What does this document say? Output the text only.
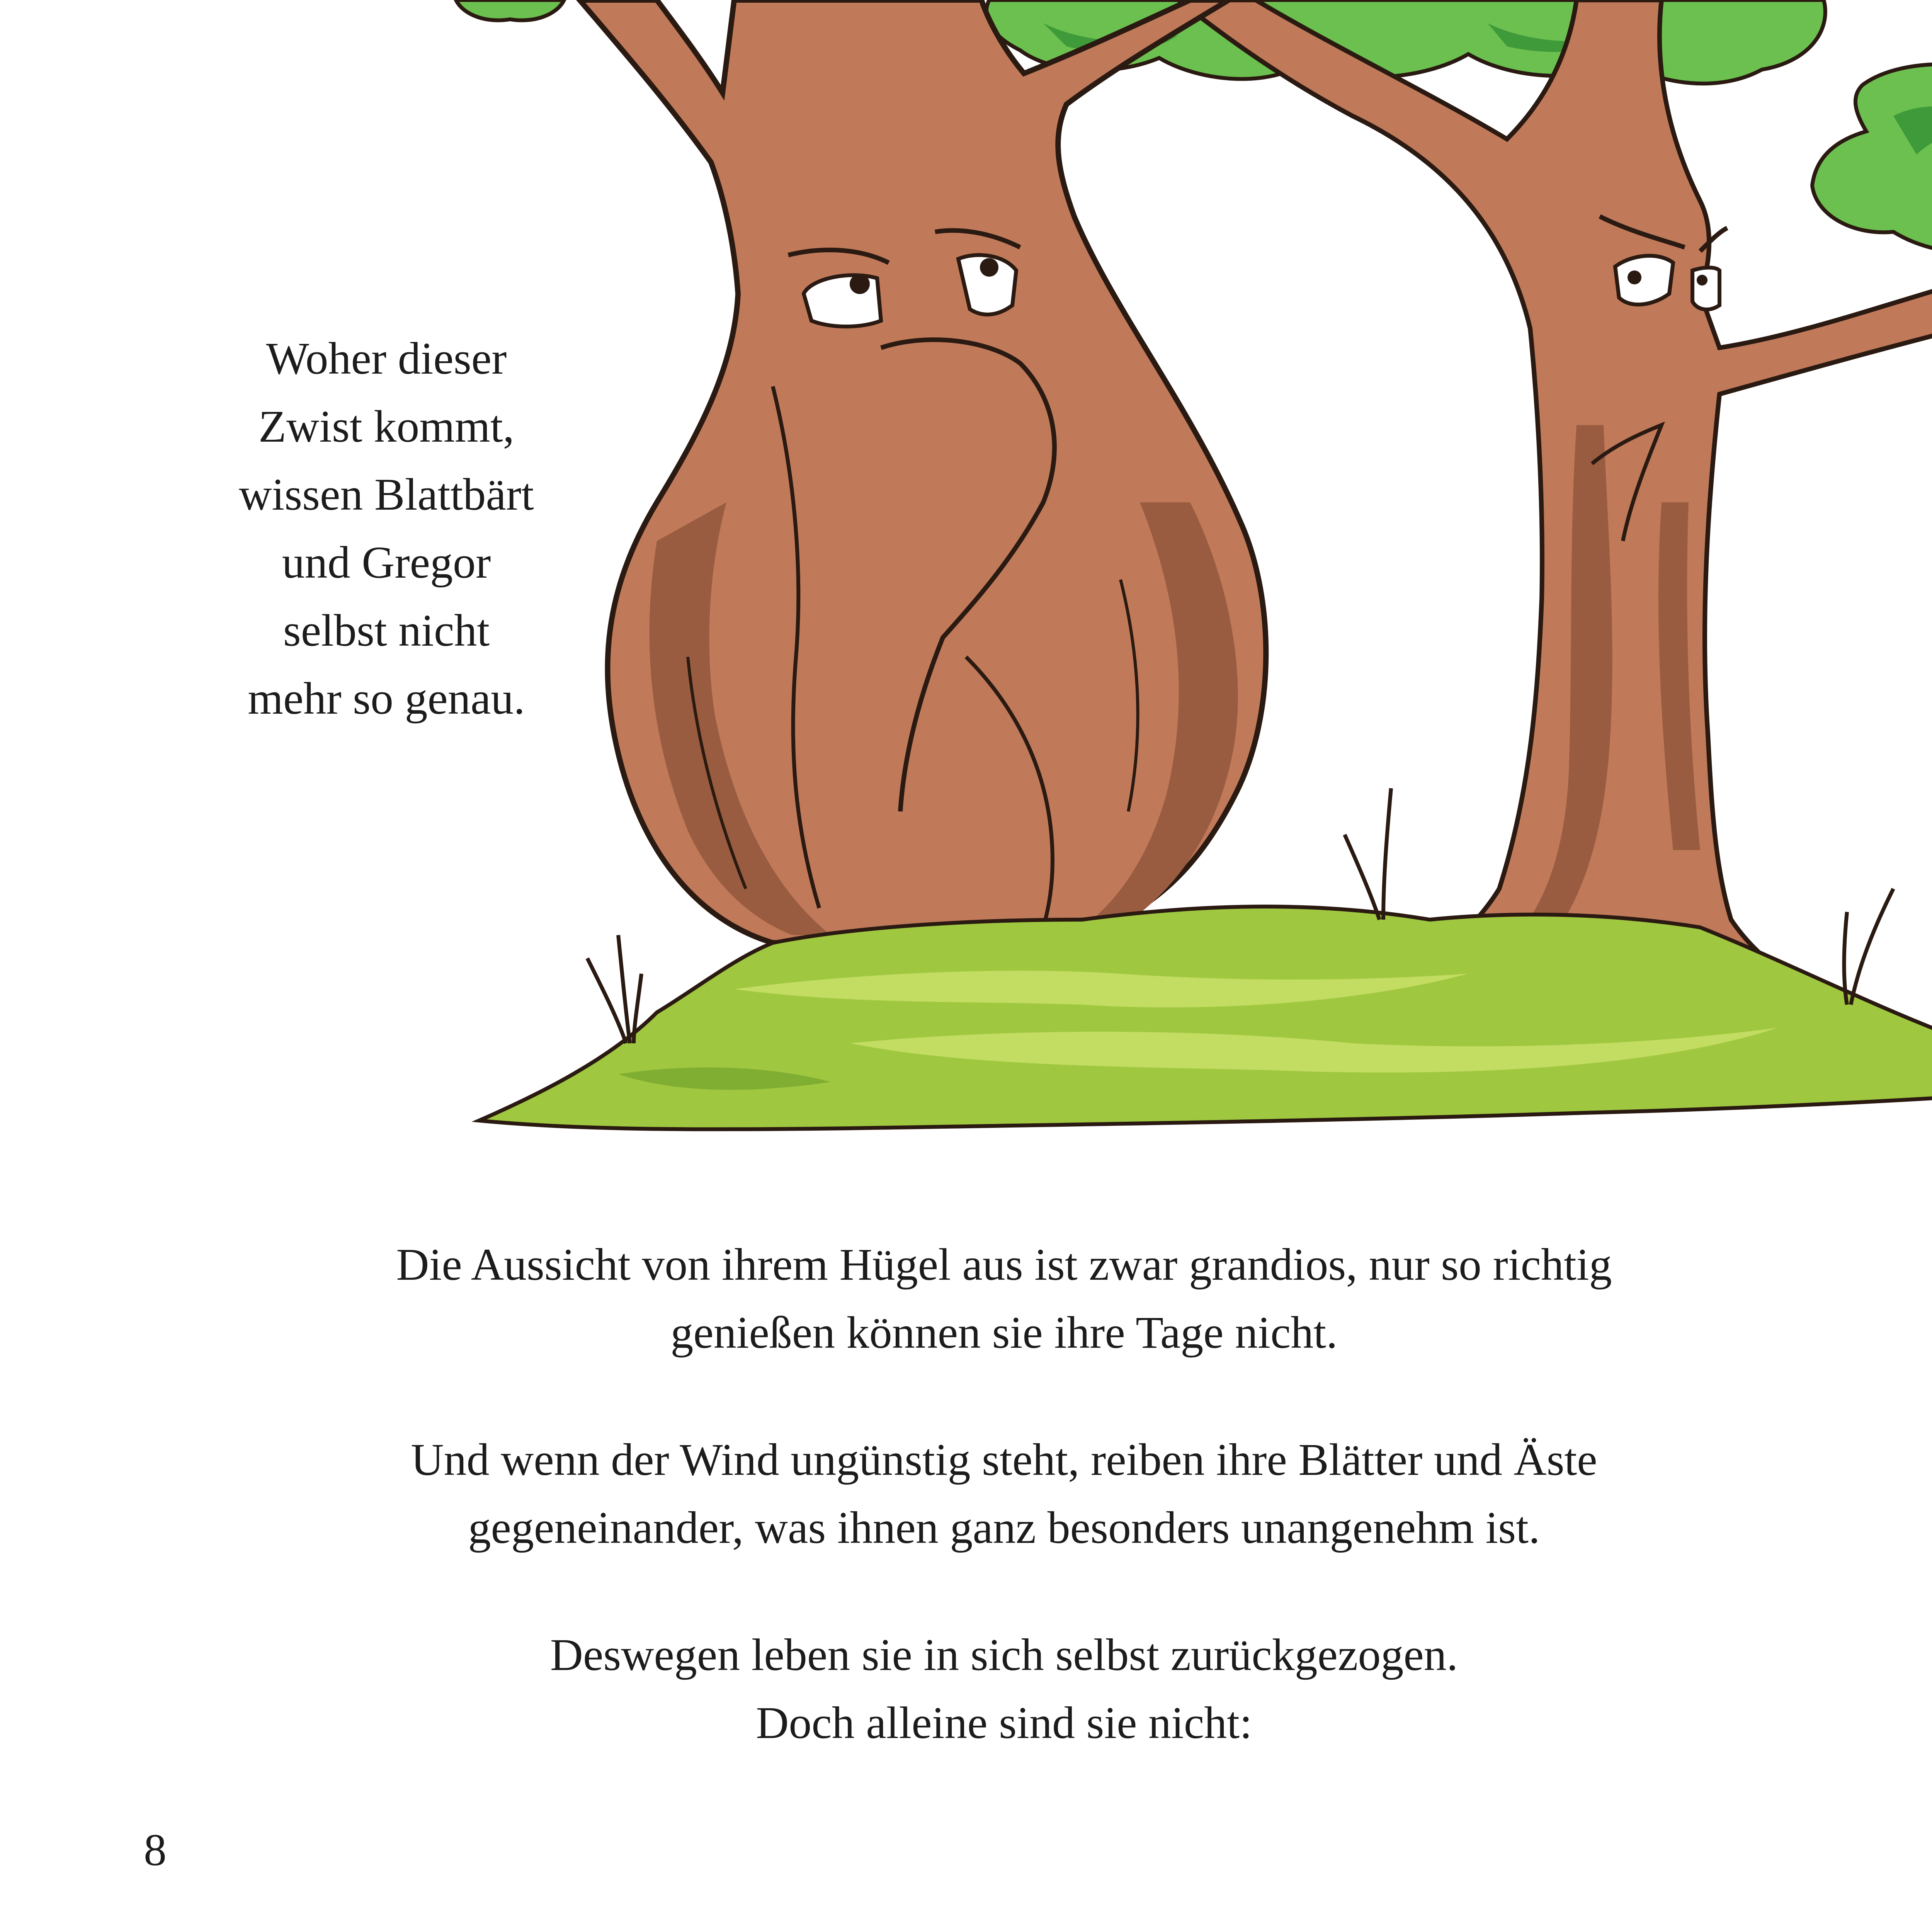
Woher dieser
Zwist kommt,
wissen Blattbärt
und Gregor
selbst nicht
mehr so genau.
Die Aussicht von ihrem Hügel aus ist zwar grandios, nur so richtig
genießen können sie ihre Tage nicht.
Und wenn der Wind ungünstig steht, reiben ihre Blätter und Äste
gegeneinander, was ihnen ganz besonders unangenehm ist.
Deswegen leben sie in sich selbst zurückgezogen.
Doch alleine sind sie nicht:
8
